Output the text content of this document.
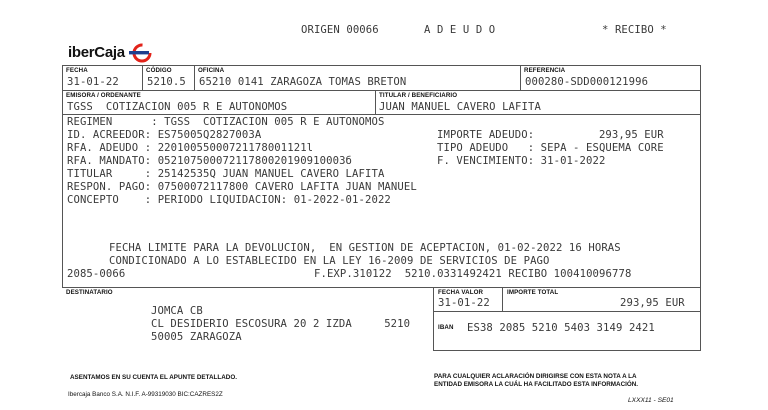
ORIGEN 00066	A D E U D O	* RECIBO *
iberCaja
FECHA
31-01-22
CÓDIGO
5210.5
OFICINA
65210 0141 ZARAGOZA TOMAS BRETON
REFERENCIA
000280-SDD000121996
EMISORA / ORDENANTE
TGSS  COTIZACION 005 R E AUTONOMOS
TITULAR / BENEFICIARIO
JUAN MANUEL CAVERO LAFITA
REGIMEN      : TGSS  COTIZACION 005 R E AUTONOMOS
ID. ACREEDOR: ES75005Q2827003A
RFA. ADEUDO : 22010055000721178001121l
RFA. MANDATO: 05210750007211780020190910003б
TITULAR     : 25142535Q JUAN MANUEL CAVERO LAFITA
RESPON. PAGO: 07500072117800 CAVERO LAFITA JUAN MANUEL
CONCEPTO    : PERIODO LIQUIDACION: 01-2022-01-2022
IMPORTE ADEUDO:          293,95 EUR
TIPO ADEUDO   : SEPA - ESQUEMA CORE
F. VENCIMIENTO: 31-01-2022
FECHA LIMITE PARA LA DEVOLUCION,  EN GESTION DE ACEPTACION, 01-02-2022 16 HORAS
CONDICIONADO A LO ESTABLECIDO EN LA LEY 16-2009 DE SERVICIOS DE PAGO
2085-0066	F.EXP.310122  5210.0331492421 RECIBO 100410096778
DESTINATARIO
JOMCA CB
CL DESIDERIO ESCOSURA 20 2 IZDA     5210
50005 ZARAGOZA
FECHA VALOR
31-01-22
IMPORTE TOTAL
293,95 EUR
IBAN ES38 2085 5210 5403 3149 2421
ASENTAMOS EN SU CUENTA EL APUNTE DETALLADO.
Ibercaja Banco S.A. N.I.F. A-99319030 BIC:CAZRES2Z
PARA CUALQUIER ACLARACIÓN DIRIGIRSE CON ESTA NOTA A LA
ENTIDAD EMISORA LA CUÁL HA FACILITADO ESTA INFORMACIÓN.
LXXX11 - SE01
